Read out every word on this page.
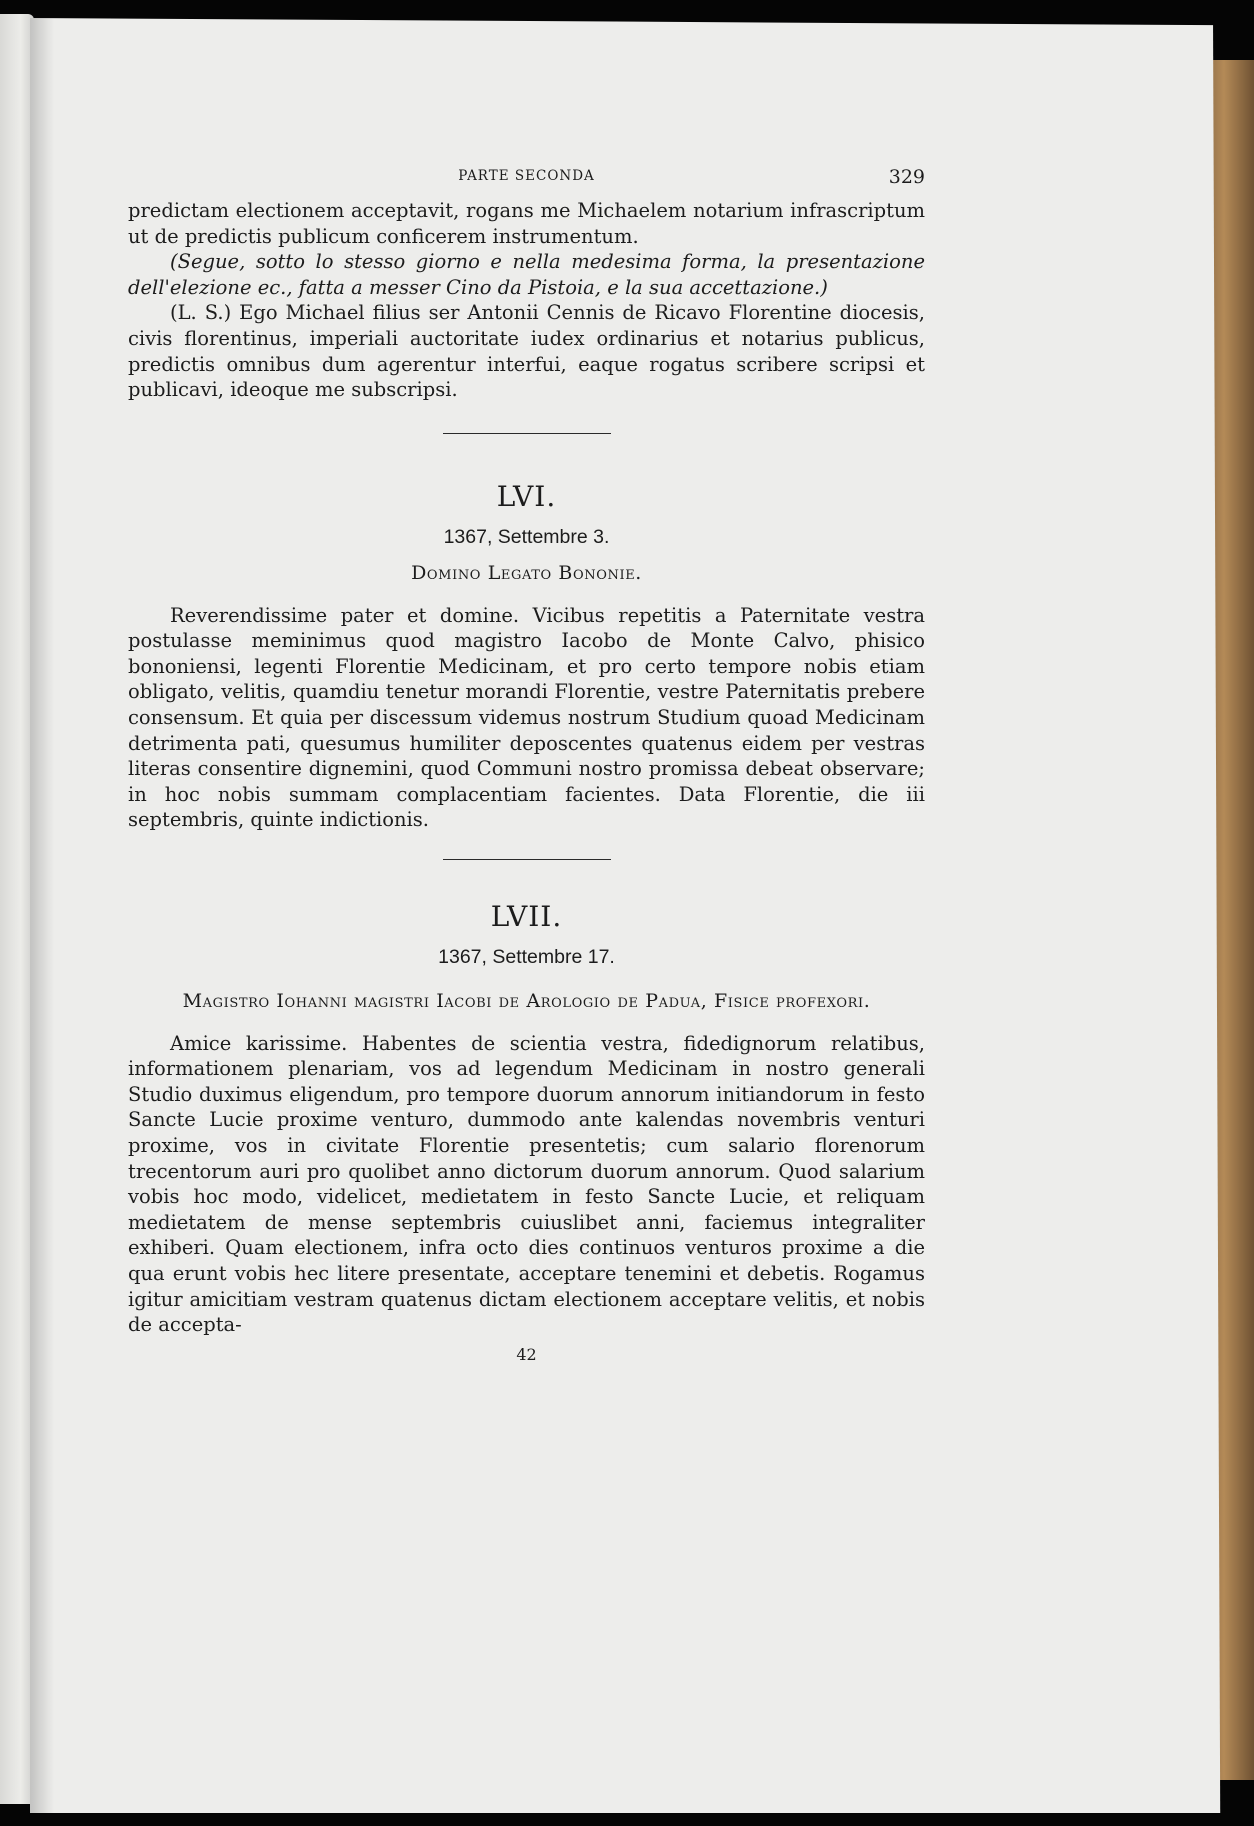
PARTE SECONDA	329

predictam electionem acceptavit, rogans me Michaelem notarium infrascriptum ut de predictis publicum conficerem instrumentum.

(Segue, sotto lo stesso giorno e nella medesima forma, la presentazione dell'elezione ec., fatta a messer Cino da Pistoia, e la sua accettazione.)

(L. S.) Ego Michael filius ser Antonii Cennis de Ricavo Florentine diocesis, civis florentinus, imperiali auctoritate iudex ordinarius et notarius publicus, predictis omnibus dum agerentur interfui, eaque rogatus scribere scripsi et publicavi, ideoque me subscripsi.

LVI.
1367, Settembre 3.
Domino Legato Bononie.

Reverendissime pater et domine. Vicibus repetitis a Paternitate vestra postulasse meminimus quod magistro Iacobo de Monte Calvo, phisico bononiensi, legenti Florentie Medicinam, et pro certo tempore nobis etiam obligato, velitis, quamdiu tenetur morandi Florentie, vestre Paternitatis prebere consensum. Et quia per discessum videmus nostrum Studium quoad Medicinam detrimenta pati, quesumus humiliter deposcentes quatenus eidem per vestras literas consentire dignemini, quod Communi nostro promissa debeat observare; in hoc nobis summam complacentiam facientes. Data Florentie, die iii septembris, quinte indictionis.

LVII.
1367, Settembre 17.
Magistro Iohanni magistri Iacobi de Arologio de Padua, Fisice profexori.

Amice karissime. Habentes de scientia vestra, fidedignorum relatibus, informationem plenariam, vos ad legendum Medicinam in nostro generali Studio duximus eligendum, pro tempore duorum annorum initiandorum in festo Sancte Lucie proxime venturo, dummodo ante kalendas novembris venturi proxime, vos in civitate Florentie presentetis; cum salario florenorum trecentorum auri pro quolibet anno dictorum duorum annorum. Quod salarium vobis hoc modo, videlicet, medietatem in festo Sancte Lucie, et reliquam medietatem de mense septembris cuiuslibet anni, faciemus integraliter exhiberi. Quam electionem, infra octo dies continuos venturos proxime a die qua erunt vobis hec litere presentate, acceptare tenemini et debetis. Rogamus igitur amicitiam vestram quatenus dictam electionem acceptare velitis, et nobis de accepta-

42
